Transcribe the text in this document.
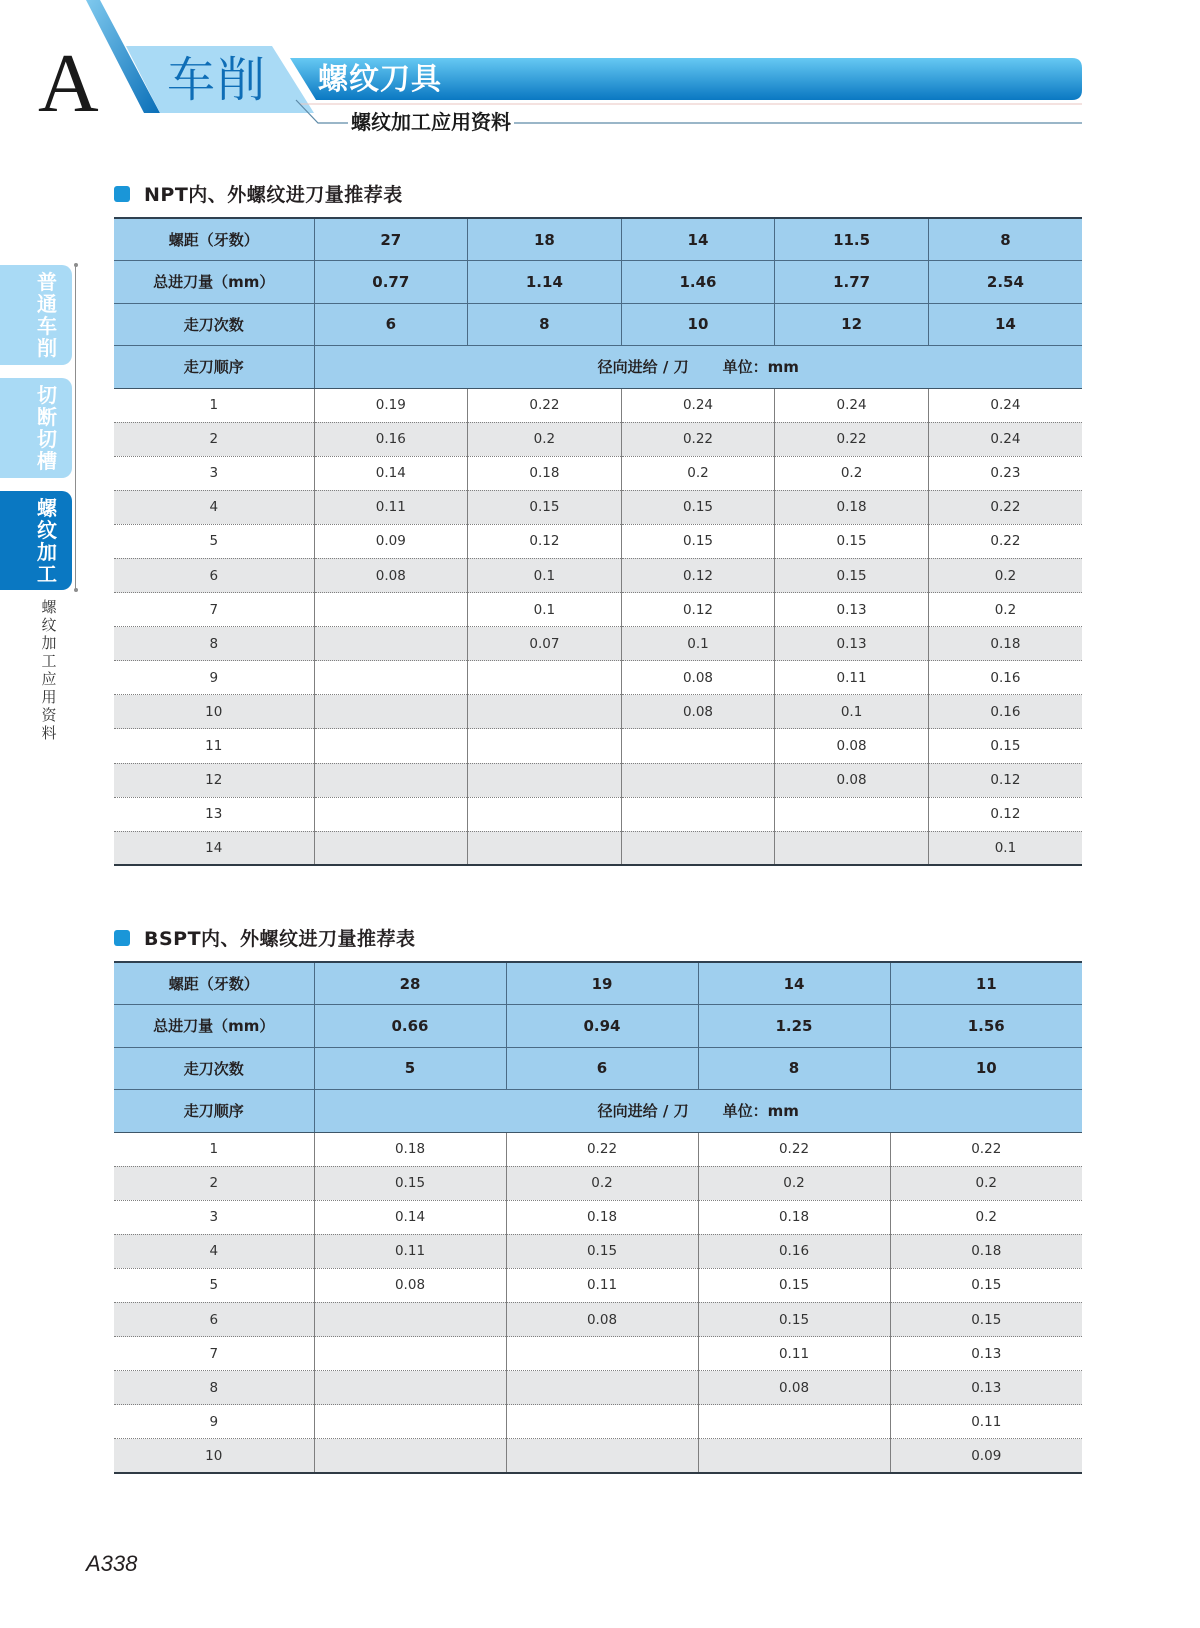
A 车削 螺纹刀具
螺纹加工应用资料
普
通
车
削
切
断
切
槽
螺
纹
加
工
螺
纹
加
工
应
用
资
料
NPT内、外螺纹进刀量推荐表
螺距（牙数）	27	18	14	11.5	8
总进刀量（mm）	0.77	1.14	1.46	1.77	2.54
走刀次数	6	8	10	12	14
走刀顺序	径向进给 / 刀 单位：mm				
1	0.19	0.22	0.24	0.24	0.24
2	0.16	0.2	0.22	0.22	0.24
3	0.14	0.18	0.2	0.2	0.23
4	0.11	0.15	0.15	0.18	0.22
5	0.09	0.12	0.15	0.15	0.22
6	0.08	0.1	0.12	0.15	0.2
7		0.1	0.12	0.13	0.2
8		0.07	0.1	0.13	0.18
9			0.08	0.11	0.16
10			0.08	0.1	0.16
11				0.08	0.15
12				0.08	0.12
13					0.12
14					0.1
BSPT内、外螺纹进刀量推荐表
螺距（牙数）	28	19	14	11
总进刀量（mm）	0.66	0.94	1.25	1.56
走刀次数	5	6	8	10
走刀顺序	径向进给 / 刀 单位：mm			
1	0.18	0.22	0.22	0.22
2	0.15	0.2	0.2	0.2
3	0.14	0.18	0.18	0.2
4	0.11	0.15	0.16	0.18
5	0.08	0.11	0.15	0.15
6		0.08	0.15	0.15
7			0.11	0.13
8			0.08	0.13
9				0.11
10				0.09
A338
